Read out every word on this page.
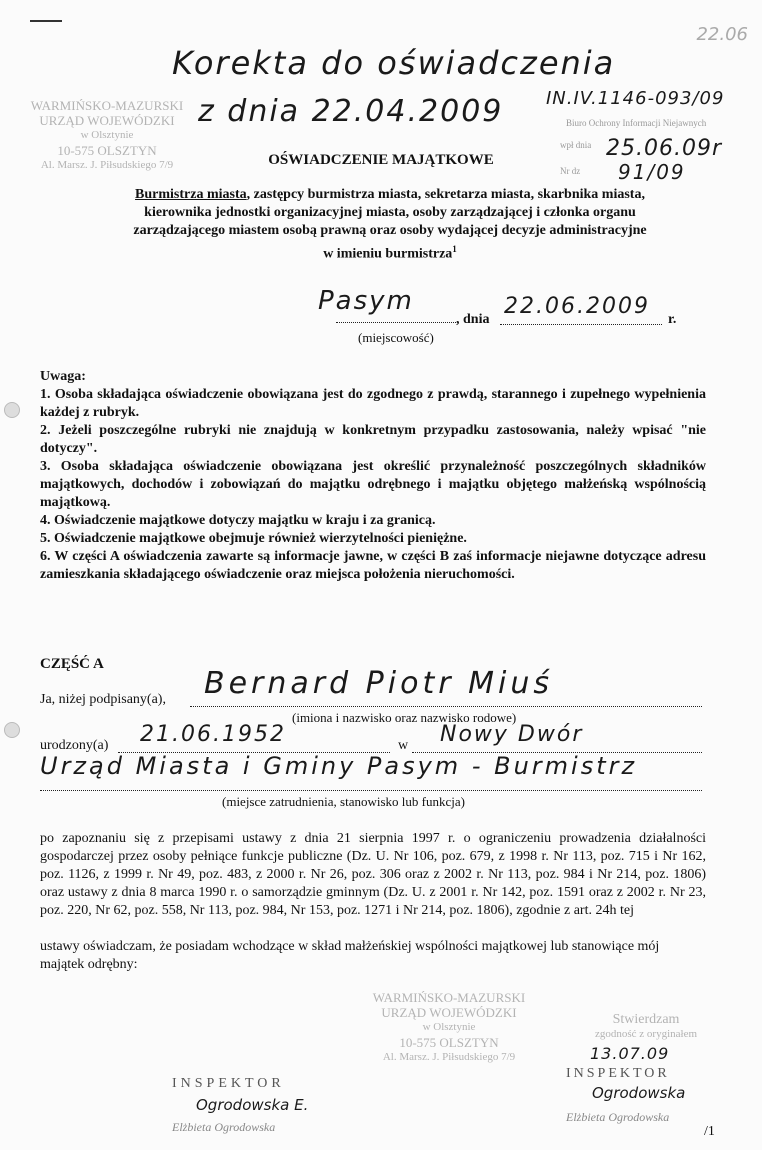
22.06
WARMIŃSKO-MAZURSKI
URZĄD WOJEWÓDZKI
w Olsztynie
10-575 OLSZTYN
Al. Marsz. J. Piłsudskiego 7/9
Korekta do oświadczenia
z dnia 22.04.2009 IN.IV.1146-093/09
Biuro Ochrony Informacji Niejawnych
wpł dnia 25.06.09r
Nr dz 91/09
OŚWIADCZENIE MAJĄTKOWE
Burmistrza miasta, zastępcy burmistrza miasta, sekretarza miasta, skarbnika miasta,
kierownika jednostki organizacyjnej miasta, osoby zarządzającej i członka organu
zarządzającego miastem osobą prawną oraz osoby wydającej decyzje administracyjne
w imieniu burmistrza$^1$
Pasym
, dnia
22.06.2009
r.
(miejscowość)
Uwaga:
1. Osoba składająca oświadczenie obowiązana jest do zgodnego z prawdą, starannego i zupełnego wypełnienia każdej z rubryk.
2. Jeżeli poszczególne rubryki nie znajdują w konkretnym przypadku zastosowania, należy wpisać "nie dotyczy".
3. Osoba składająca oświadczenie obowiązana jest określić przynależność poszczególnych składników majątkowych, dochodów i zobowiązań do majątku odrębnego i majątku objętego małżeńską wspólnością majątkową.
4. Oświadczenie majątkowe dotyczy majątku w kraju i za granicą.
5. Oświadczenie majątkowe obejmuje również wierzytelności pieniężne.
6. W części A oświadczenia zawarte są informacje jawne, w części B zaś informacje niejawne dotyczące adresu zamieszkania składającego oświadczenie oraz miejsca położenia nieruchomości.
CZĘŚĆ A
Ja, niżej podpisany(a), Bernard Piotr Miuś
(imiona i nazwisko oraz nazwisko rodowe)
urodzony(a) 21.06.1952	w Nowy Dwór
Urząd Miasta i Gminy Pasym - Burmistrz
(miejsce zatrudnienia, stanowisko lub funkcja)
po zapoznaniu się z przepisami ustawy z dnia 21 sierpnia 1997 r. o ograniczeniu prowadzenia działalności gospodarczej przez osoby pełniące funkcje publiczne (Dz. U. Nr 106, poz. 679, z 1998 r. Nr 113, poz. 715 i Nr 162, poz. 1126, z 1999 r. Nr 49, poz. 483, z 2000 r. Nr 26, poz. 306 oraz z 2002 r. Nr 113, poz. 984 i Nr 214, poz. 1806) oraz ustawy z dnia 8 marca 1990 r. o samorządzie gminnym (Dz. U. z 2001 r. Nr 142, poz. 1591 oraz z 2002 r. Nr 23, poz. 220, Nr 62, poz. 558, Nr 113, poz. 984, Nr 153, poz. 1271 i Nr 214, poz. 1806), zgodnie z art. 24h tej
ustawy oświadczam, że posiadam wchodzące w skład małżeńskiej wspólności majątkowej lub stanowiące mój majątek odrębny:
WARMIŃSKO-MAZURSKI
URZĄD WOJEWÓDZKI
w Olsztynie
10-575 OLSZTYN
Al. Marsz. J. Piłsudskiego 7/9
Stwierdzam
zgodność z oryginałem
13.07.09
INSPEKTOR
Ogrodowska
Elżbieta Ogrodowska
INSPEKTOR
Ogrodowska E.
Elżbieta Ogrodowska	/1
